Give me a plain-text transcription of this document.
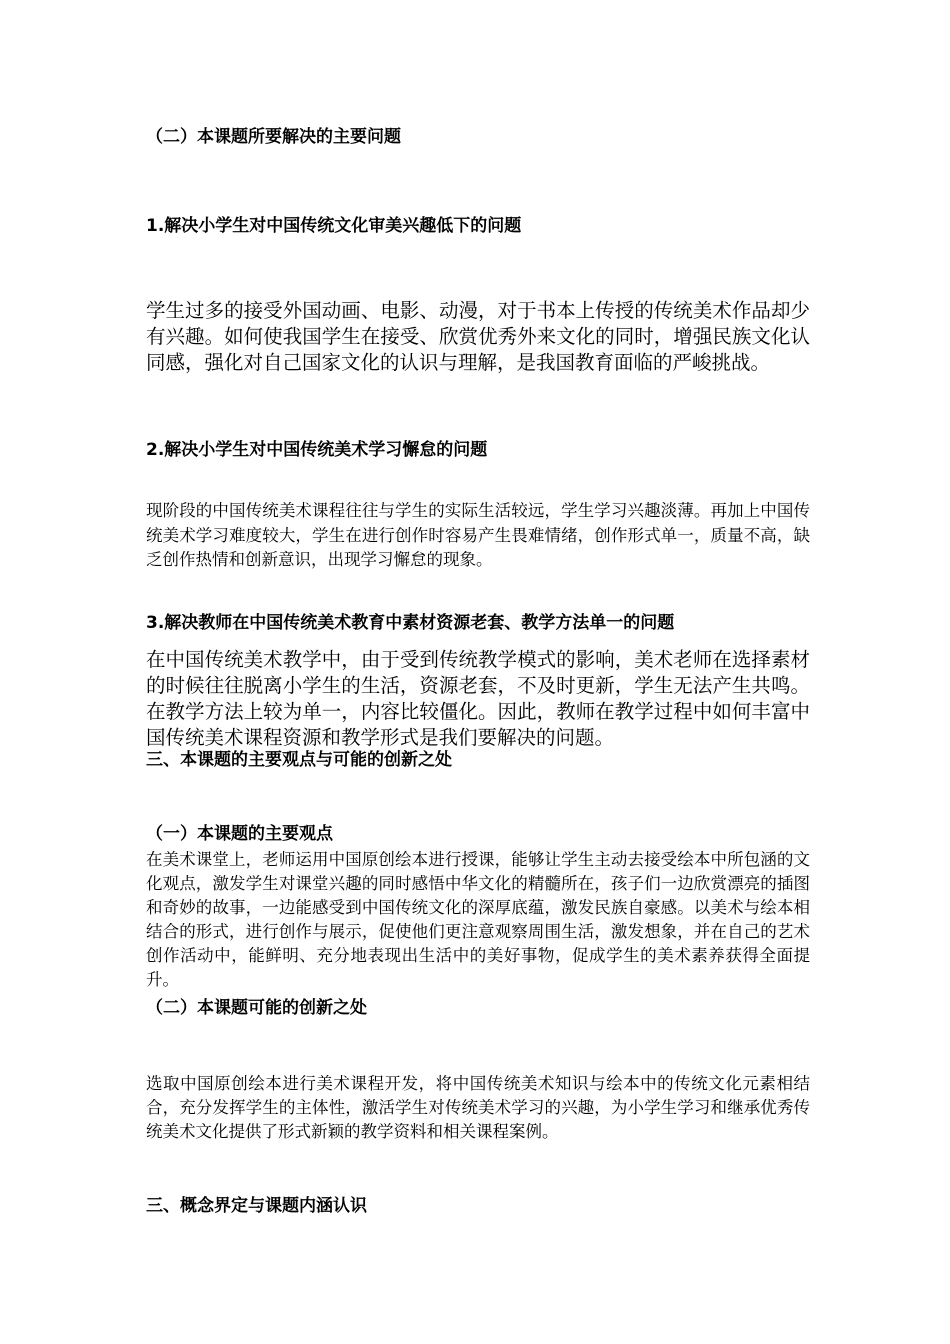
（二）本课题所要解决的主要问题
1.解决小学生对中国传统文化审美兴趣低下的问题

学生过多的接受外国动画、电影、动漫，对于书本上传授的传统美术作品却少有兴趣。如何使我国学生在接受、欣赏优秀外来文化的同时，增强民族文化认同感，强化对自己国家文化的认识与理解，是我国教育面临的严峻挑战。

2.解决小学生对中国传统美术学习懈怠的问题

现阶段的中国传统美术课程往往与学生的实际生活较远，学生学习兴趣淡薄。再加上中国传统美术学习难度较大，学生在进行创作时容易产生畏难情绪，创作形式单一，质量不高，缺乏创作热情和创新意识，出现学习懈怠的现象。

3.解决教师在中国传统美术教育中素材资源老套、教学方法单一的问题

在中国传统美术教学中，由于受到传统教学模式的影响，美术老师在选择素材的时候往往脱离小学生的生活，资源老套，不及时更新，学生无法产生共鸣。在教学方法上较为单一，内容比较僵化。因此，教师在教学过程中如何丰富中国传统美术课程资源和教学形式是我们要解决的问题。

三、本课题的主要观点与可能的创新之处
（一）本课题的主要观点

在美术课堂上，老师运用中国原创绘本进行授课，能够让学生主动去接受绘本中所包涵的文化观点，激发学生对课堂兴趣的同时感悟中华文化的精髓所在，孩子们一边欣赏漂亮的插图和奇妙的故事，一边能感受到中国传统文化的深厚底蕴，激发民族自豪感。以美术与绘本相结合的形式，进行创作与展示，促使他们更注意观察周围生活，激发想象，并在自己的艺术创作活动中，能鲜明、充分地表现出生活中的美好事物，促成学生的美术素养获得全面提升。

（二）本课题可能的创新之处

选取中国原创绘本进行美术课程开发，将中国传统美术知识与绘本中的传统文化元素相结合，充分发挥学生的主体性，激活学生对传统美术学习的兴趣，为小学生学习和继承优秀传统美术文化提供了形式新颖的教学资料和相关课程案例。

三、概念界定与课题内涵认识
